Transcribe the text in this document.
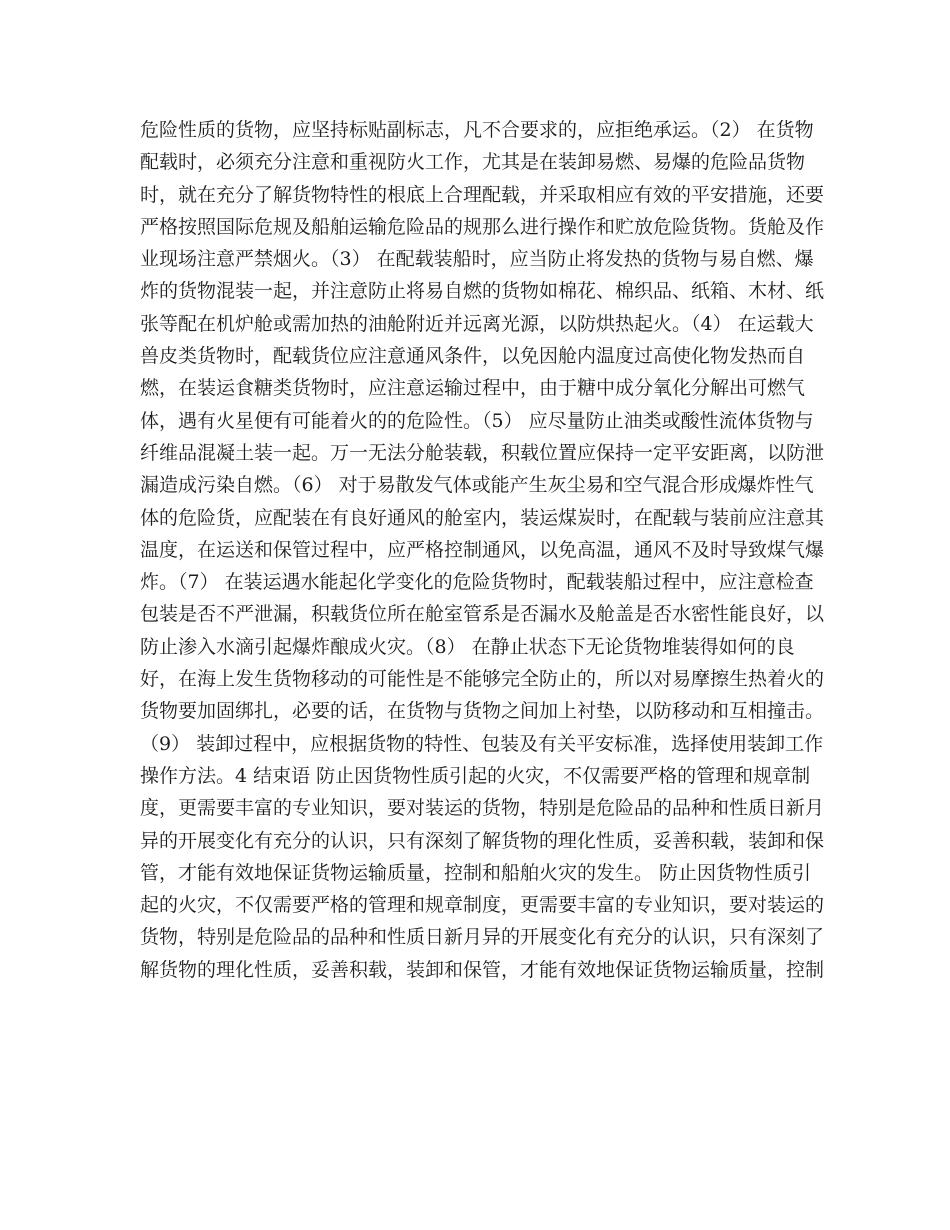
危险性质的货物，应坚持标贴副标志，凡不合要求的，应拒绝承运。（2） 在货物
配载时，必须充分注意和重视防火工作，尤其是在装卸易燃、易爆的危险品货物
时，就在充分了解货物特性的根底上合理配载，并采取相应有效的平安措施，还要
严格按照国际危规及船舶运输危险品的规那么进行操作和贮放危险货物。货舱及作
业现场注意严禁烟火。（3） 在配载装船时，应当防止将发热的货物与易自燃、爆
炸的货物混装一起，并注意防止将易自燃的货物如棉花、棉织品、纸箱、木材、纸
张等配在机炉舱或需加热的油舱附近并远离光源，以防烘热起火。（4） 在运载大
兽皮类货物时，配载货位应注意通风条件，以免因舱内温度过高使化物发热而自
燃，在装运食糖类货物时，应注意运输过程中，由于糖中成分氧化分解出可燃气
体，遇有火星便有可能着火的的危险性。（5） 应尽量防止油类或酸性流体货物与
纤维品混凝土装一起。万一无法分舱装载，积载位置应保持一定平安距离，以防泄
漏造成污染自燃。（6） 对于易散发气体或能产生灰尘易和空气混合形成爆炸性气
体的危险货，应配装在有良好通风的舱室内，装运煤炭时，在配载与装前应注意其
温度，在运送和保管过程中，应严格控制通风，以免高温，通风不及时导致煤气爆
炸。（7） 在装运遇水能起化学变化的危险货物时，配载装船过程中，应注意检查
包装是否不严泄漏，积载货位所在舱室管系是否漏水及舱盖是否水密性能良好，以
防止渗入水滴引起爆炸酿成火灾。（8） 在静止状态下无论货物堆装得如何的良
好，在海上发生货物移动的可能性是不能够完全防止的，所以对易摩擦生热着火的
货物要加固绑扎，必要的话，在货物与货物之间加上衬垫，以防移动和互相撞击。
（9） 装卸过程中，应根据货物的特性、包装及有关平安标准，选择使用装卸工作
操作方法。4 结束语 防止因货物性质引起的火灾，不仅需要严格的管理和规章制
度，更需要丰富的专业知识，要对装运的货物，特别是危险品的品种和性质日新月
异的开展变化有充分的认识，只有深刻了解货物的理化性质，妥善积载，装卸和保
管，才能有效地保证货物运输质量，控制和船舶火灾的发生。 防止因货物性质引
起的火灾，不仅需要严格的管理和规章制度，更需要丰富的专业知识，要对装运的
货物，特别是危险品的品种和性质日新月异的开展变化有充分的认识，只有深刻了
解货物的理化性质，妥善积载，装卸和保管，才能有效地保证货物运输质量，控制
